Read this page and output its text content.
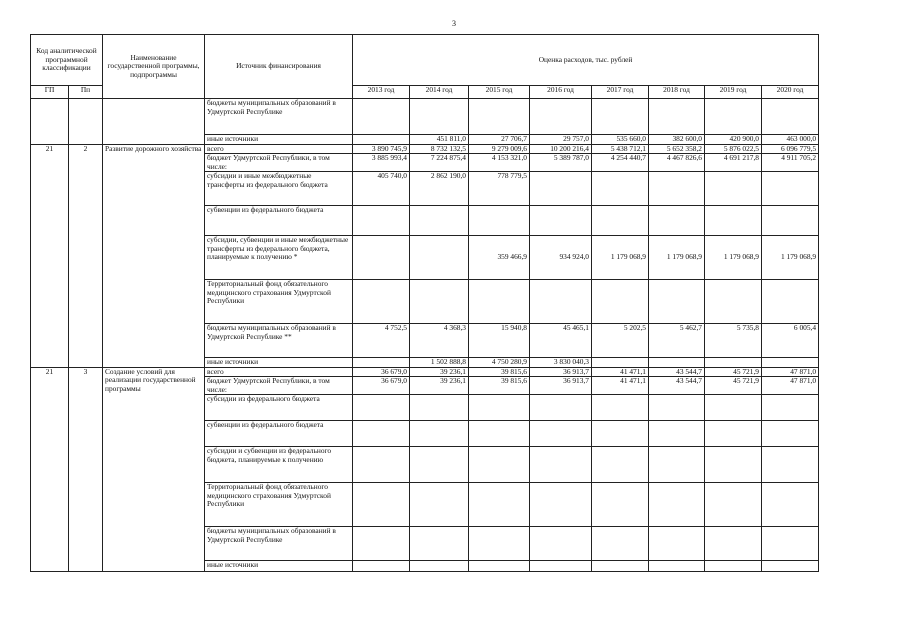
3
Код аналитической программной классификации		Наименование государственной программы, подпрограммы	Источник финансирования	Оценка расходов, тыс. рублей							
ГП	Пп			2013 год	2014 год	2015 год	2016 год	2017 год	2018 год	2019 год	2020 год
			бюджеты муниципальных образований в Удмуртской Республике								
			иные источники		451 811,0	27 706,7	29 757,0	535 660,0	382 600,0	420 900,0	463 000,0
21	2	Развитие дорожного хозяйства	всего	3 890 745,9	8 732 132,5	9 279 009,6	10 200 216,4	5 438 712,1	5 652 358,2	5 876 022,5	6 096 779,5
			бюджет Удмуртской Республики, в том числе:	3 885 993,4	7 224 875,4	4 153 321,0	5 389 787,0	4 254 440,7	4 467 826,6	4 691 217,8	4 911 705,2
			субсидии и иные межбюджетные трансферты из федерального бюджета	405 740,0	2 862 190,0	778 779,5					
			субвенции из федерального бюджета								
			субсидии, субвенции и иные межбюджетные трансферты из федерального бюджета, планируемые к получению *			359 466,9	934 924,0	1 179 068,9	1 179 068,9	1 179 068,9	1 179 068,9
			Территориальный фонд обязательного медицинского страхования Удмуртской Республики								
			бюджеты муниципальных образований в Удмуртской Республике **	4 752,5	4 368,3	15 940,8	45 465,1	5 202,5	5 462,7	5 735,8	6 005,4
			иные источники		1 502 888,8	4 750 280,9	3 830 040,3				
21	3	Создание условий для реализации государственной программы	всего	36 679,0	39 236,1	39 815,6	36 913,7	41 471,1	43 544,7	45 721,9	47 871,0
			бюджет Удмуртской Республики, в том числе:	36 679,0	39 236,1	39 815,6	36 913,7	41 471,1	43 544,7	45 721,9	47 871,0
			субсидии из федерального бюджета								
			субвенции из федерального бюджета								
			субсидии и субвенции из федерального бюджета, планируемые к получению								
			Территориальный фонд обязательного медицинского страхования Удмуртской Республики								
			бюджеты муниципальных образований в Удмуртской Республике								
			иные источники								
